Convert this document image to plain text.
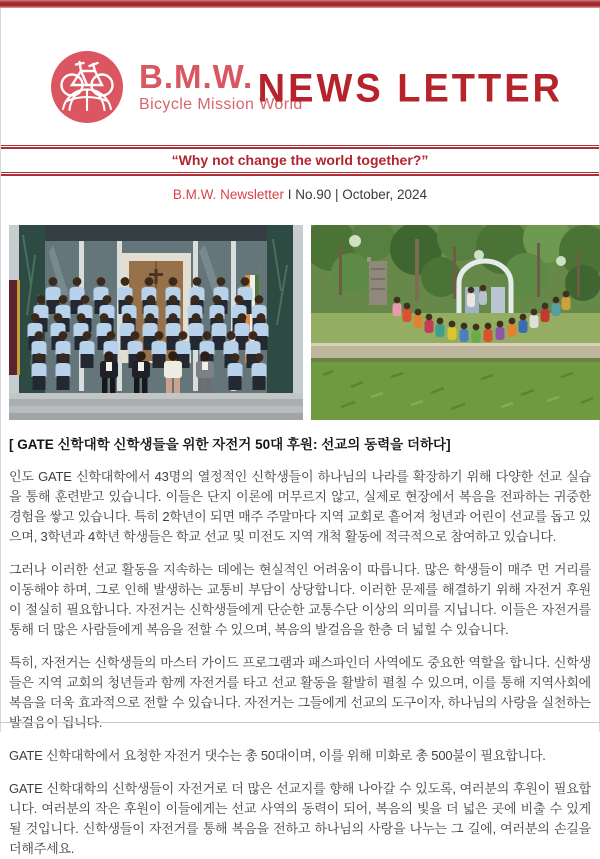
B.M.W.
Bicycle Mission World
NEWS LETTER
“Why not change the world together?”
B.M.W. Newsletter I No.90 | October, 2024
[ GATE 신학대학 신학생들을 위한 자전거 50대 후원: 선교의 동력을 더하다]

인도 GATE 신학대학에서 43명의 열정적인 신학생들이 하나님의 나라를 확장하기 위해 다양한 선교 실습을 통해 훈련받고 있습니다. 이들은 단지 이론에 머무르지 않고, 실제로 현장에서 복음을 전파하는 귀중한 경험을 쌓고 있습니다. 특히 2학년이 되면 매주 주말마다 지역 교회로 흩어져 청년과 어린이 선교를 돕고 있으며, 3학년과 4학년 학생들은 학교 선교 및 미전도 지역 개척 활동에 적극적으로 참여하고 있습니다.

그러나 이러한 선교 활동을 지속하는 데에는 현실적인 어려움이 따릅니다. 많은 학생들이 매주 먼 거리를 이동해야 하며, 그로 인해 발생하는 교통비 부담이 상당합니다. 이러한 문제를 해결하기 위해 자전거 후원이 절실히 필요합니다. 자전거는 신학생들에게 단순한 교통수단 이상의 의미를 지닙니다. 이들은 자전거를 통해 더 많은 사람들에게 복음을 전할 수 있으며, 복음의 발걸음을 한층 더 넓힐 수 있습니다.

특히, 자전거는 신학생들의 마스터 가이드 프로그램과 패스파인더 사역에도 중요한 역할을 합니다. 신학생들은 지역 교회의 청년들과 함께 자전거를 타고 선교 활동을 활발히 펼칠 수 있으며, 이를 통해 지역사회에 복음을 더욱 효과적으로 전할 수 있습니다. 자전거는 그들에게 선교의 도구이자, 하나님의 사랑을 실천하는 발걸음이 됩니다.

GATE 신학대학에서 요청한 자전거 댓수는 총 50대이며, 이를 위해 미화로 총 500불이 필요합니다.

GATE 신학대학의 신학생들이 자전거로 더 많은 선교지를 향해 나아갈 수 있도록, 여러분의 후원이 필요합니다. 여러분의 작은 후원이 이들에게는 선교 사역의 동력이 되어, 복음의 빛을 더 넓은 곳에 비출 수 있게 될 것입니다. 신학생들이 자전거를 통해 복음을 전하고 하나님의 사랑을 나누는 그 길에, 여러분의 손길을 더해주세요.
